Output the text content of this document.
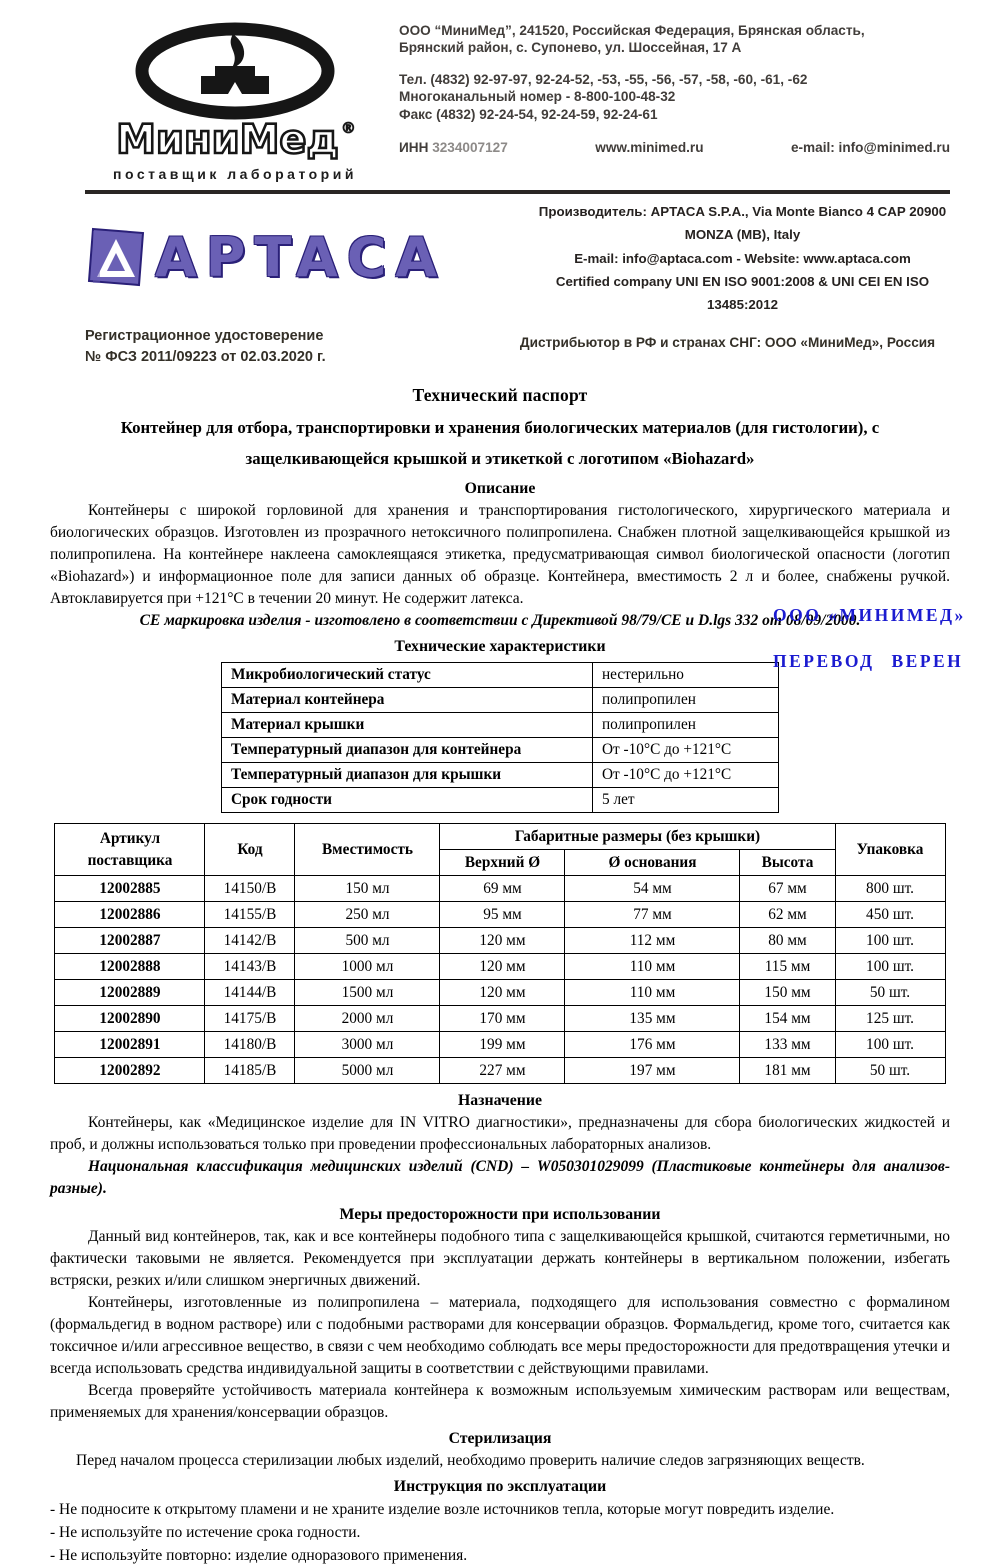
МиниМед ®
поставщик лабораторий
ООО “МиниМед”, 241520, Российская Федерация, Брянская область,
Брянский район, с. Супонево, ул. Шоссейная, 17 А
Тел. (4832) 92-97-97, 92-24-52, -53, -55, -56, -57, -58, -60, -61, -62
Многоканальный номер - 8-800-100-48-32
Факс (4832) 92-24-54, 92-24-59, 92-24-61
ИНН 3234007127	www.minimed.ru	e-mail: info@minimed.ru
APTACA
Производитель: APTACA S.P.A., Via Monte Bianco 4 CAP 20900 MONZA (MB), Italy
E-mail: info@aptaca.com - Website: www.aptaca.com
Certified company UNI EN ISO 9001:2008 & UNI CEI EN ISO 13485:2012
Регистрационное удостоверение
№ ФСЗ 2011/09223 от 02.03.2020 г.
Дистрибьютор в РФ и странах СНГ: ООО «МиниМед», Россия
Технический паспорт
Контейнер для отбора, транспортировки и хранения биологических материалов (для гистологии), с защелкивающейся крышкой и этикеткой с логотипом «Biohazard»
Описание

Контейнеры с широкой горловиной для хранения и транспортирования гистологического, хирургического материала и биологических образцов. Изготовлен из прозрачного нетоксичного полипропилена. Снабжен плотной защелкивающейся крышкой из полипропилена. На контейнере наклеена самоклеящаяся этикетка, предусматривающая символ биологической опасности (логотип «Biohazard») и информационное поле для записи данных об образце. Контейнера, вместимость 2 л и более, снабжены ручкой. Автоклавируется при +121°С в течении 20 минут. Не содержит латекса.

СЕ маркировка изделия - изготовлено в соответствии с Директивой 98/79/СЕ и D.lgs 332 от 08/09/2000.

Технические характеристики
Микробиологический статус	нестерильно
Материал контейнера	полипропилен
Материал крышки	полипропилен
Температурный диапазон для контейнера	От -10°С до +121°С
Температурный диапазон для крышки	От -10°С до +121°С
Срок годности	5 лет
Артикул поставщика	Код	Вместимость	Габаритные размеры (без крышки)			Упаковка
			Верхний Ø	Ø основания	Высота	
12002885	14150/B	150 мл	69 мм	54 мм	67 мм	800 шт.
12002886	14155/B	250 мл	95 мм	77 мм	62 мм	450 шт.
12002887	14142/B	500 мл	120 мм	112 мм	80 мм	100 шт.
12002888	14143/B	1000 мл	120 мм	110 мм	115 мм	100 шт.
12002889	14144/B	1500 мл	120 мм	110 мм	150 мм	50 шт.
12002890	14175/B	2000 мл	170 мм	135 мм	154 мм	125 шт.
12002891	14180/B	3000 мл	199 мм	176 мм	133 мм	100 шт.
12002892	14185/B	5000 мл	227 мм	197 мм	181 мм	50 шт.
Назначение

Контейнеры, как «Медицинское изделие для IN VITRO диагностики», предназначены для сбора биологических жидкостей и проб, и должны использоваться только при проведении профессиональных лабораторных анализов.

Национальная классификация медицинских изделий (CND) – W050301029099 (Пластиковые контейнеры для анализов- разные).

Меры предосторожности при использовании

Данный вид контейнеров, так, как и все контейнеры подобного типа с защелкивающейся крышкой, считаются герметичными, но фактически таковыми не является. Рекомендуется при эксплуатации держать контейнеры в вертикальном положении, избегать встряски, резких и/или слишком энергичных движений.

Контейнеры, изготовленные из полипропилена – материала, подходящего для использования совместно с формалином (формальдегид в водном растворе) или с подобными растворами для консервации образцов. Формальдегид, кроме того, считается как токсичное и/или агрессивное вещество, в связи с чем необходимо соблюдать все меры предосторожности для предотвращения утечки и всегда использовать средства индивидуальной защиты в соответствии с действующими правилами.

Всегда проверяйте устойчивость материала контейнера к возможным используемым химическим растворам или веществам, применяемых для хранения/консервации образцов.

Стерилизация

Перед началом процесса стерилизации любых изделий, необходимо проверить наличие следов загрязняющих веществ.

Инструкция по эксплуатации
- Не подносите к открытому пламени и не храните изделие возле источников тепла, которые могут повредить изделие.
- Не используйте по истечение срока годности.
- Не используйте повторно: изделие одноразового применения.
ООО «МИНИМЕД»
ПЕРЕВОД ВЕРЕН
